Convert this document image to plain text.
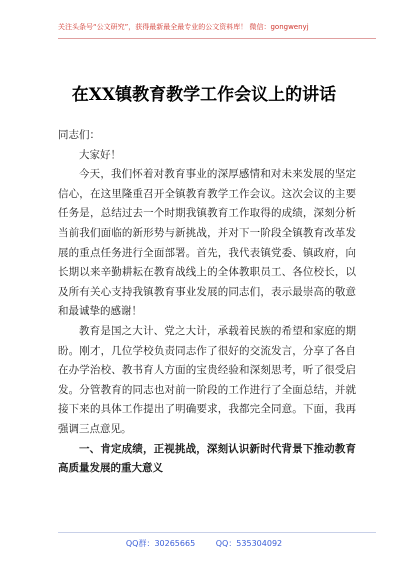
关注头条号“公文研究”，获得最新最全最专业的公文资料库！ 微信：gongwenyj
在XX镇教育教学工作会议上的讲话

同志们：

大家好！

今天，我们怀着对教育事业的深厚感情和对未来发展的坚定信心，在这里隆重召开全镇教育教学工作会议。这次会议的主要任务是，总结过去一个时期我镇教育工作取得的成绩，深刻分析当前我们面临的新形势与新挑战，并对下一阶段全镇教育改革发展的重点任务进行全面部署。首先，我代表镇党委、镇政府，向长期以来辛勤耕耘在教育战线上的全体教职员工、各位校长，以及所有关心支持我镇教育事业发展的同志们，表示最崇高的敬意和最诚挚的感谢！

教育是国之大计、党之大计，承载着民族的希望和家庭的期盼。刚才，几位学校负责同志作了很好的交流发言，分享了各自在办学治校、教书育人方面的宝贵经验和深刻思考，听了很受启发。分管教育的同志也对前一阶段的工作进行了全面总结，并就接下来的具体工作提出了明确要求，我都完全同意。下面，我再强调三点意见。

一、肯定成绩，正视挑战，深刻认识新时代背景下推动教育高质量发展的重大意义

QQ群：30265665	QQ：535304092
